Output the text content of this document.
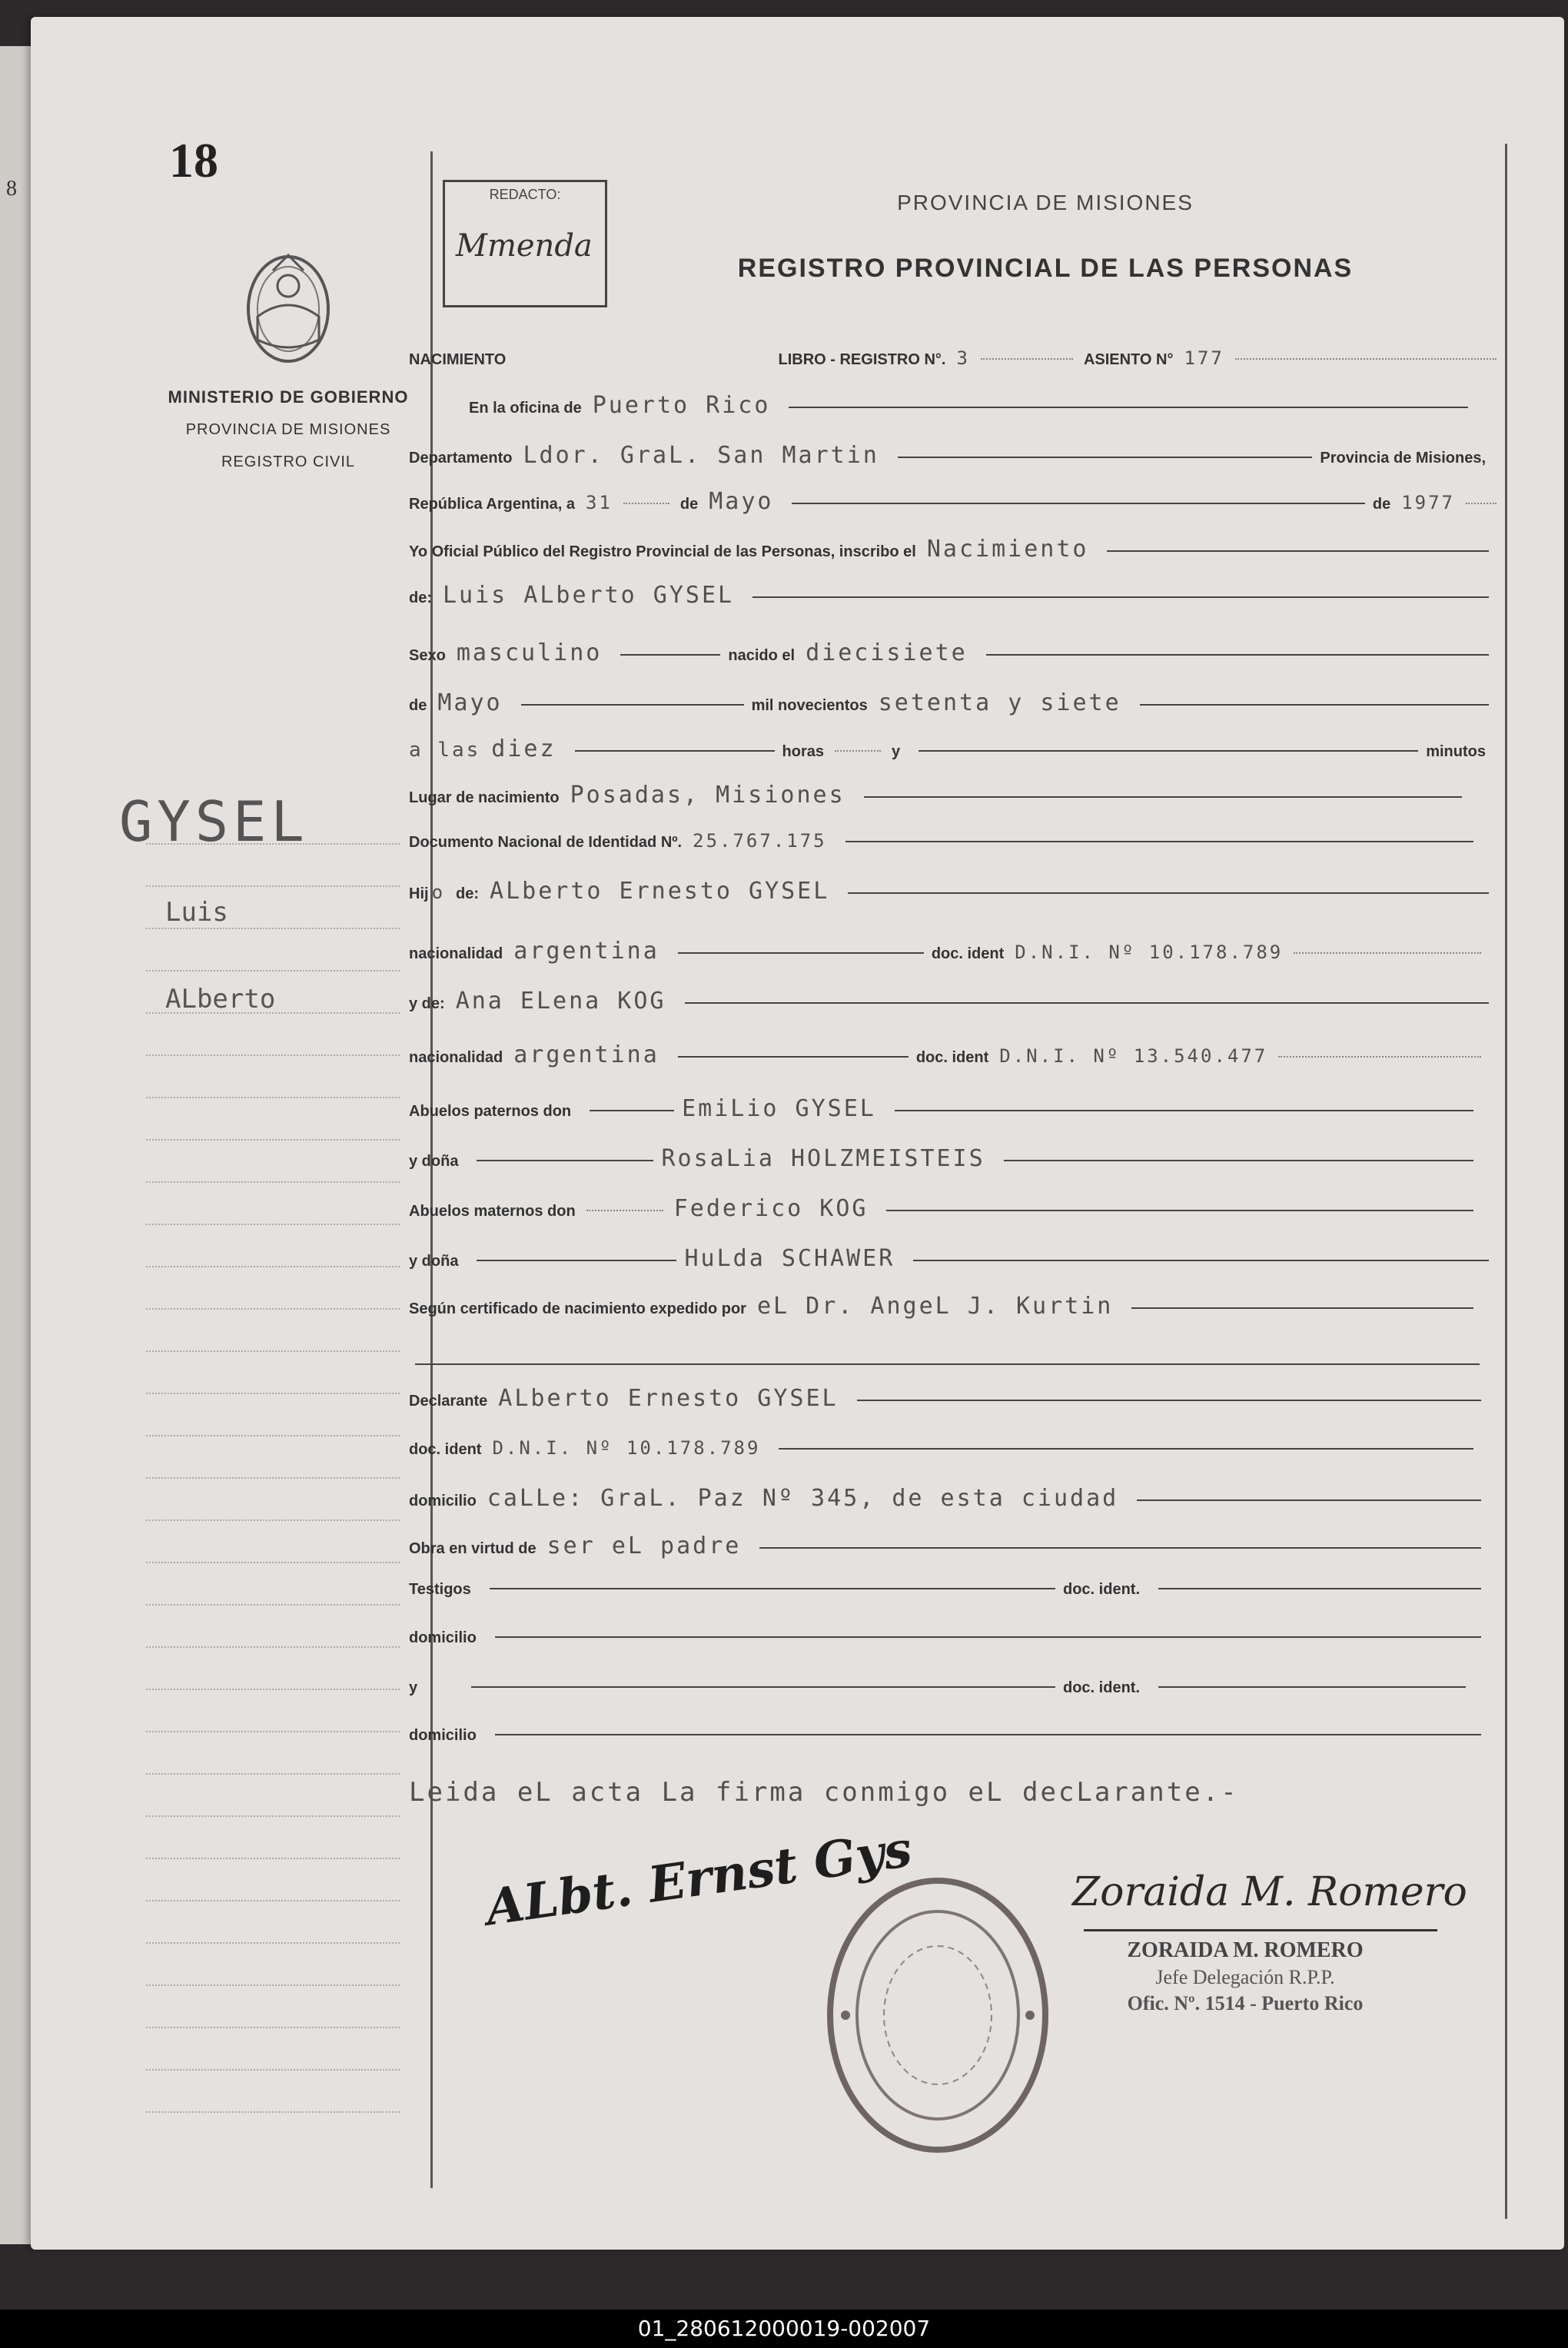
8
18
MINISTERIO DE GOBIERNO
PROVINCIA DE MISIONES
REGISTRO CIVIL
GYSEL
Luis
ALberto
REDACTO:
Mmenda
PROVINCIA DE MISIONES
REGISTRO PROVINCIAL DE LAS PERSONAS
NACIMIENTO	LIBRO - REGISTRO N°. 3	ASIENTO N° 177
En la oficina de Puerto Rico
Departamento Ldor. GraL. San Martin	Provincia de Misiones,
República Argentina, a 31	de Mayo	de 1977
Yo Oficial Público del Registro Provincial de las Personas, inscribo el Nacimiento
de: Luis ALberto GYSEL
Sexo masculino	nacido el diecisiete
de Mayo	mil novecientos setenta y siete
a las diez	horas	y	minutos
Lugar de nacimiento Posadas, Misiones
Documento Nacional de Identidad Nº. 25.767.175
Hij o de: ALberto Ernesto GYSEL
nacionalidad argentina	doc. ident D.N.I. Nº 10.178.789
y de: Ana ELena KOG
nacionalidad argentina	doc. ident D.N.I. Nº 13.540.477
Abuelos paternos don	EmiLio GYSEL
y doña	RosaLia HOLZMEISTEIS
Abuelos maternos don	Federico KOG
y doña	HuLda SCHAWER
Según certificado de nacimiento expedido por eL Dr. AngeL J. Kurtin
Declarante ALberto Ernesto GYSEL
doc. ident D.N.I. Nº 10.178.789
domicilio caLLe: GraL. Paz Nº 345, de esta ciudad
Obra en virtud de ser eL padre
Testigos	doc. ident.
domicilio
y	doc. ident.
domicilio
Leida eL acta La firma conmigo eL decLarante.-
ALbt. Ernst Gys	Zoraida M. Romero
ZORAIDA M. ROMERO
Jefe Delegación R.P.P.
Ofic. Nº. 1514 - Puerto Rico
01_280612000019-002007
